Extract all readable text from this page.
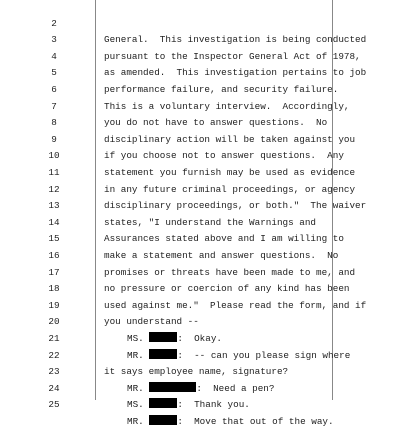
2

General.  This investigation is being conducted

3

pursuant to the Inspector General Act of 1978,

4

as amended.  This investigation pertains to job

5

performance failure, and security failure.

6

This is a voluntary interview.  Accordingly,

7

you do not have to answer questions.  No

8

disciplinary action will be taken against you

9

if you choose not to answer questions.  Any

10

statement you furnish may be used as evidence

11

in any future criminal proceedings, or agency

12

disciplinary proceedings, or both."  The waiver

13

states, "I understand the Warnings and

14

Assurances stated above and I am willing to

15

make a statement and answer questions.  No

16

promises or threats have been made to me, and

17

no pressure or coercion of any kind has been

18

used against me."  Please read the form, and if

19

you understand --

20

MS.	:  Okay.

21

MR.	:  -- can you please sign where

22

it says employee name, signature?

23

MR.	:  Need a pen?

24

MS.	:  Thank you.

25

MR.	:  Move that out of the way.
